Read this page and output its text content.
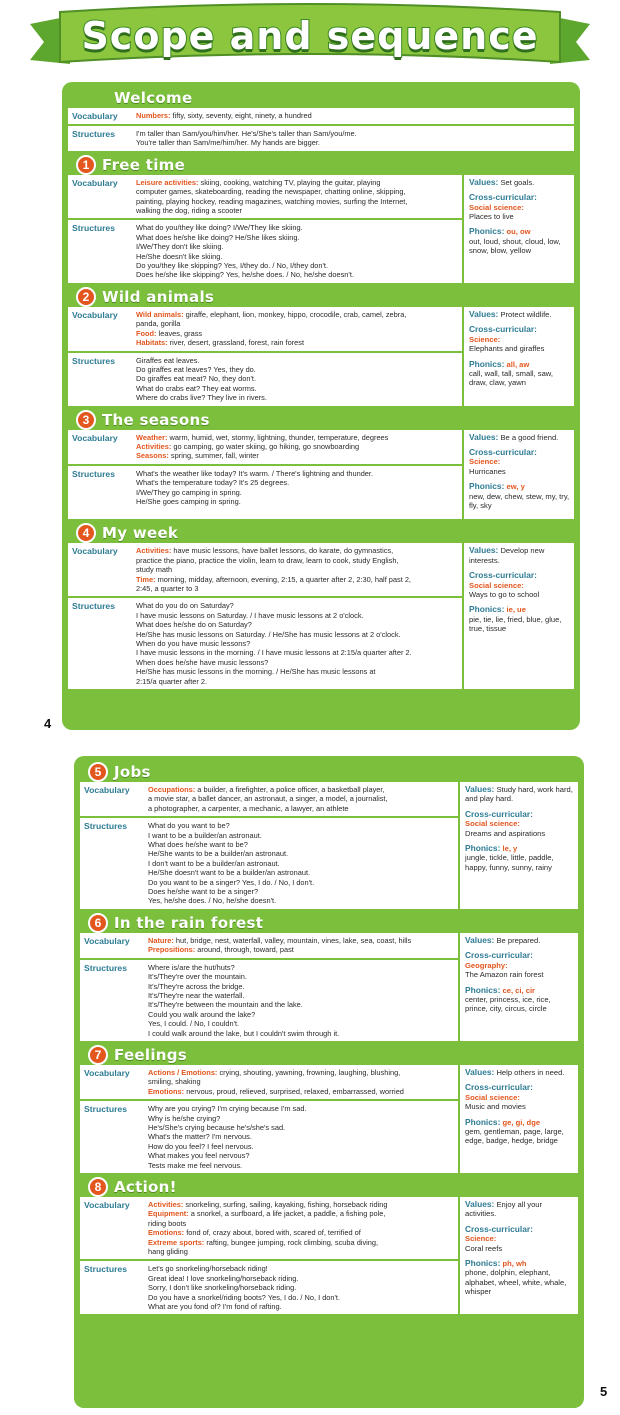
Scope and sequence
Welcome
Vocabulary	Numbers: fifty, sixty, seventy, eight, ninety, a hundred
Structures	I'm taller than Sam/you/him/her. He's/She's taller than Sam/you/me.
You're taller than Sam/me/him/her. My hands are bigger.
1 Free time
Vocabulary	Leisure activities: skiing, cooking, watching TV, playing the guitar, playing
computer games, skateboarding, reading the newspaper, chatting online, skipping,
painting, playing hockey, reading magazines, watching movies, surfing the Internet,
walking the dog, riding a scooter
Structures	What do you/they like doing? I/We/They like skiing.
What does he/she like doing? He/She likes skiing.
I/We/They don't like skiing.
He/She doesn't like skiing.
Do you/they like skipping? Yes, I/they do. / No, I/they don't.
Does he/she like skipping? Yes, he/she does. / No, he/she doesn't.
Values: Set goals.
Cross-curricular:
Social science:
Places to live
Phonics: ou, ow
out, loud, shout, cloud, low, snow, blow, yellow
2 Wild animals
Vocabulary	Wild animals: giraffe, elephant, lion, monkey, hippo, crocodile, crab, camel, zebra,
panda, gorilla
Food: leaves, grass
Habitats: river, desert, grassland, forest, rain forest
Structures	Giraffes eat leaves.
Do giraffes eat leaves? Yes, they do.
Do giraffes eat meat? No, they don't.
What do crabs eat? They eat worms.
Where do crabs live? They live in rivers.
Values: Protect wildlife.
Cross-curricular:
Science:
Elephants and giraffes
Phonics: all, aw
call, wall, tall, small, saw, draw, claw, yawn
3 The seasons
Vocabulary	Weather: warm, humid, wet, stormy, lightning, thunder, temperature, degrees
Activities: go camping, go water skiing, go hiking, go snowboarding
Seasons: spring, summer, fall, winter
Structures	What's the weather like today? It's warm. / There's lightning and thunder.
What's the temperature today? It's 25 degrees.
I/We/They go camping in spring.
He/She goes camping in spring.
Values: Be a good friend.
Cross-curricular:
Science:
Hurricanes
Phonics: ew, y
new, dew, chew, stew, my, try, fly, sky
4 My week
Vocabulary	Activities: have music lessons, have ballet lessons, do karate, do gymnastics,
practice the piano, practice the violin, learn to draw, learn to cook, study English,
study math
Time: morning, midday, afternoon, evening, 2:15, a quarter after 2, 2:30, half past 2,
2:45, a quarter to 3
Structures	What do you do on Saturday?
I have music lessons on Saturday. / I have music lessons at 2 o'clock.
What does he/she do on Saturday?
He/She has music lessons on Saturday. / He/She has music lessons at 2 o'clock.
When do you have music lessons?
I have music lessons in the morning. / I have music lessons at 2:15/a quarter after 2.
When does he/she have music lessons?
He/She has music lessons in the morning. / He/She has music lessons at
2:15/a quarter after 2.
Values: Develop new interests.
Cross-curricular:
Social science:
Ways to go to school
Phonics: ie, ue
pie, tie, lie, fried, blue, glue, true, tissue
4
5 Jobs
Vocabulary	Occupations: a builder, a firefighter, a police officer, a basketball player,
a movie star, a ballet dancer, an astronaut, a singer, a model, a journalist,
a photographer, a carpenter, a mechanic, a lawyer, an athlete
Structures	What do you want to be?
I want to be a builder/an astronaut.
What does he/she want to be?
He/She wants to be a builder/an astronaut.
I don't want to be a builder/an astronaut.
He/She doesn't want to be a builder/an astronaut.
Do you want to be a singer? Yes, I do. / No, I don't.
Does he/she want to be a singer?
Yes, he/she does. / No, he/she doesn't.
Values: Study hard, work hard, and play hard.
Cross-curricular:
Social science:
Dreams and aspirations
Phonics: le, y
jungle, tickle, little, paddle, happy, funny, sunny, rainy
6 In the rain forest
Vocabulary	Nature: hut, bridge, nest, waterfall, valley, mountain, vines, lake, sea, coast, hills
Prepositions: around, through, toward, past
Structures	Where is/are the hut/huts?
It's/They're over the mountain.
It's/They're across the bridge.
It's/They're near the waterfall.
It's/They're between the mountain and the lake.
Could you walk around the lake?
Yes, I could. / No, I couldn't.
I could walk around the lake, but I couldn't swim through it.
Values: Be prepared.
Cross-curricular:
Geography:
The Amazon rain forest
Phonics: ce, ci, cir
center, princess, ice, rice, prince, city, circus, circle
7 Feelings
Vocabulary	Actions / Emotions: crying, shouting, yawning, frowning, laughing, blushing,
smiling, shaking
Emotions: nervous, proud, relieved, surprised, relaxed, embarrassed, worried
Structures	Why are you crying? I'm crying because I'm sad.
Why is he/she crying?
He's/She's crying because he's/she's sad.
What's the matter? I'm nervous.
How do you feel? I feel nervous.
What makes you feel nervous?
Tests make me feel nervous.
Values: Help others in need.
Cross-curricular:
Social science:
Music and movies
Phonics: ge, gi, dge
gem, gentleman, page, large, edge, badge, hedge, bridge
8 Action!
Vocabulary	Activities: snorkeling, surfing, sailing, kayaking, fishing, horseback riding
Equipment: a snorkel, a surfboard, a life jacket, a paddle, a fishing pole,
riding boots
Emotions: fond of, crazy about, bored with, scared of, terrified of
Extreme sports: rafting, bungee jumping, rock climbing, scuba diving,
hang gliding
Structures	Let's go snorkeling/horseback riding!
Great idea! I love snorkeling/horseback riding.
Sorry, I don't like snorkeling/horseback riding.
Do you have a snorkel/riding boots? Yes, I do. / No, I don't.
What are you fond of? I'm fond of rafting.
Values: Enjoy all your activities.
Cross-curricular:
Science:
Coral reefs
Phonics: ph, wh
phone, dolphin, elephant, alphabet, wheel, white, whale, whisper
5
